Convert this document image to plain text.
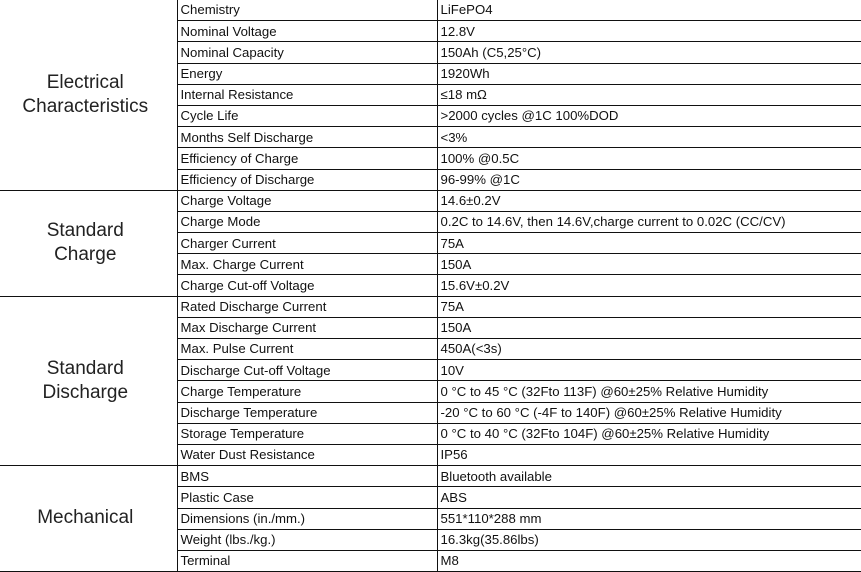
Electrical
Characteristics	Chemistry	LiFePO4
	Nominal Voltage	12.8V
	Nominal Capacity	150Ah (C5,25°C)
	Energy	1920Wh
	Internal Resistance	≤18 mΩ
	Cycle Life	>2000 cycles @1C 100%DOD
	Months Self Discharge	<3%
	Efficiency of Charge	100% @0.5C
	Efficiency of Discharge	96-99% @1C

Standard
Charge	Charge Voltage	14.6±0.2V
	Charge Mode	0.2C to 14.6V, then 14.6V,charge current to 0.02C (CC/CV)
	Charger Current	75A
	Max. Charge Current	150A
	Charge Cut-off Voltage	15.6V±0.2V

Standard
Discharge	Rated Discharge Current	75A
	Max Discharge Current	150A
	Max. Pulse Current	450A(<3s)
	Discharge Cut-off Voltage	10V
	Charge Temperature	0 °C to 45 °C (32Fto 113F) @60±25% Relative Humidity
	Discharge Temperature	-20 °C to 60 °C (-4F to 140F) @60±25% Relative Humidity
	Storage Temperature	0 °C to 40 °C (32Fto 104F) @60±25% Relative Humidity
	Water Dust Resistance	IP56

Mechanical	BMS	Bluetooth available
	Plastic Case	ABS
	Dimensions (in./mm.)	551*110*288 mm
	Weight (lbs./kg.)	16.3kg(35.86lbs)
	Terminal	M8
